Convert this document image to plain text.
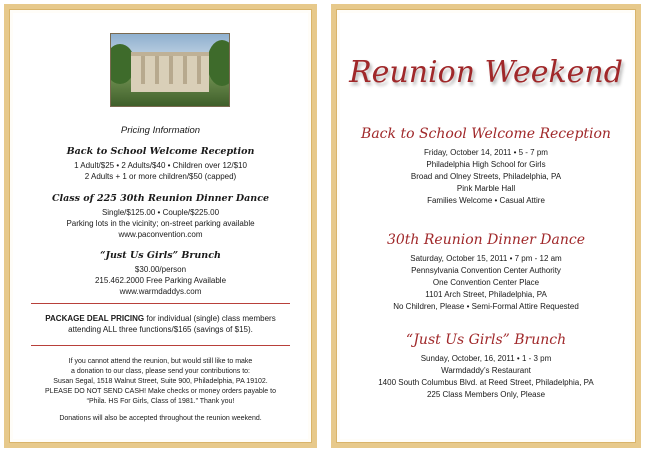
Pricing Information
Back to School Welcome Reception
1 Adult/$25 • 2 Adults/$40 • Children over 12/$10
2 Adults + 1 or more children/$50 (capped)
Class of 225 30th Reunion Dinner Dance
Single/$125.00 • Couple/$225.00
Parking lots in the vicinity; on-street parking available
www.paconvention.com
“Just Us Girls” Brunch
$30.00/person
215.462.2000 Free Parking Available
www.warmdaddys.com
PACKAGE DEAL PRICING for individual (single) class members
attending ALL three functions/$165 (savings of $15).
If you cannot attend the reunion, but would still like to make
a donation to our class, please send your contributions to:
Susan Segal, 1518 Walnut Street, Suite 900, Philadelphia, PA 19102.
PLEASE DO NOT SEND CASH! Make checks or money orders payable to
“Phila. HS For Girls, Class of 1981.” Thank you!
Donations will also be accepted throughout the reunion weekend.
Reunion Weekend
Back to School Welcome Reception
Friday, October 14, 2011 • 5 - 7 pm
Philadelphia High School for Girls
Broad and Olney Streets, Philadelphia, PA
Pink Marble Hall
Families Welcome • Casual Attire
30th Reunion Dinner Dance
Saturday, October 15, 2011 • 7 pm - 12 am
Pennsylvania Convention Center Authority
One Convention Center Place
1101 Arch Street, Philadelphia, PA
No Children, Please • Semi-Formal Attire Requested
“Just Us Girls” Brunch
Sunday, October, 16, 2011 • 1 - 3 pm
Warmdaddy’s Restaurant
1400 South Columbus Blvd. at Reed Street, Philadelphia, PA
225 Class Members Only, Please
